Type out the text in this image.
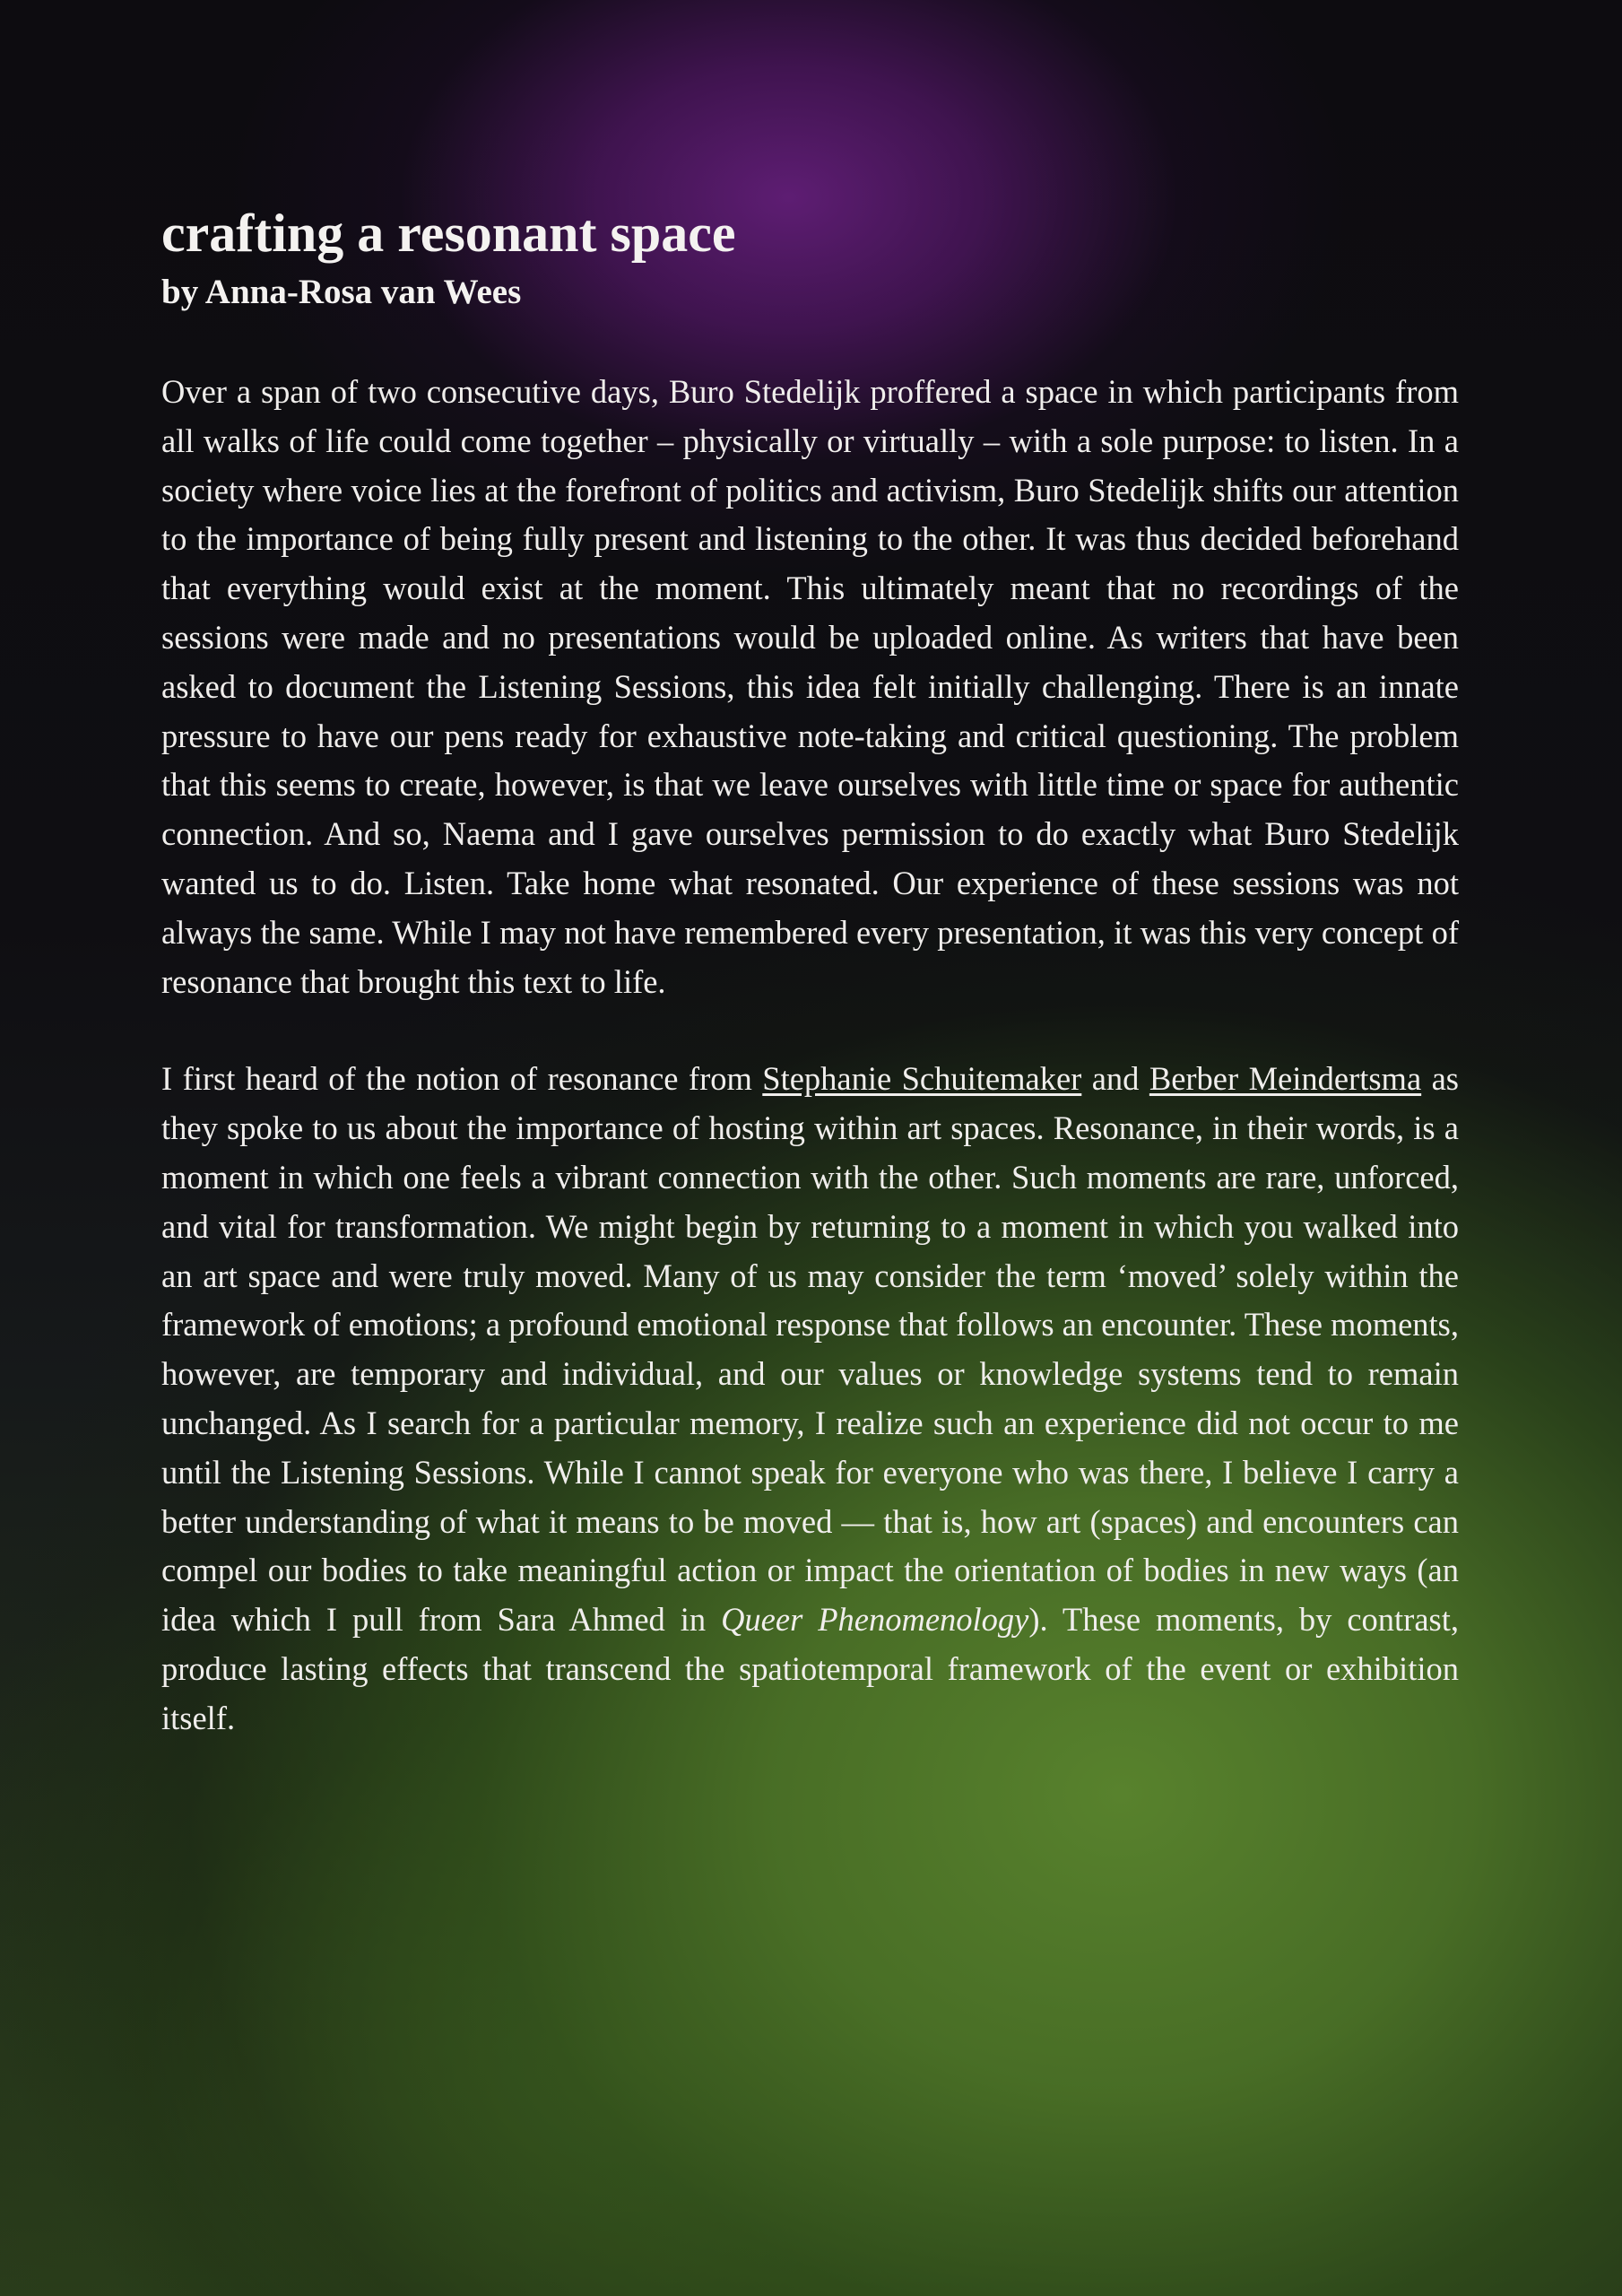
crafting a resonant space
by Anna-Rosa van Wees

Over a span of two consecutive days, Buro Stedelijk proffered a space in which participants from all walks of life could come together – physically or virtually – with a sole purpose: to listen. In a society where voice lies at the forefront of politics and activism, Buro Stedelijk shifts our attention to the importance of being fully present and listening to the other. It was thus decided beforehand that everything would exist at the moment. This ultimately meant that no recordings of the sessions were made and no presentations would be uploaded online. As writers that have been asked to document the Listening Sessions, this idea felt initially challenging. There is an innate pressure to have our pens ready for exhaustive note-taking and critical questioning. The problem that this seems to create, however, is that we leave ourselves with little time or space for authentic connection. And so, Naema and I gave ourselves permission to do exactly what Buro Stedelijk wanted us to do. Listen. Take home what resonated. Our experience of these sessions was not always the same. While I may not have remembered every presentation, it was this very concept of resonance that brought this text to life.

I first heard of the notion of resonance from Stephanie Schuitemaker and Berber Meindertsma as they spoke to us about the importance of hosting within art spaces. Resonance, in their words, is a moment in which one feels a vibrant connection with the other. Such moments are rare, unforced, and vital for transformation. We might begin by returning to a moment in which you walked into an art space and were truly moved. Many of us may consider the term ‘moved’ solely within the framework of emotions; a profound emotional response that follows an encounter. These moments, however, are temporary and individual, and our values or knowledge systems tend to remain unchanged. As I search for a particular memory, I realize such an experience did not occur to me until the Listening Sessions. While I cannot speak for everyone who was there, I believe I carry a better understanding of what it means to be moved — that is, how art (spaces) and encounters can compel our bodies to take meaningful action or impact the orientation of bodies in new ways (an idea which I pull from Sara Ahmed in Queer Phenomenology). These moments, by contrast, produce lasting effects that transcend the spatiotemporal framework of the event or exhibition itself.
